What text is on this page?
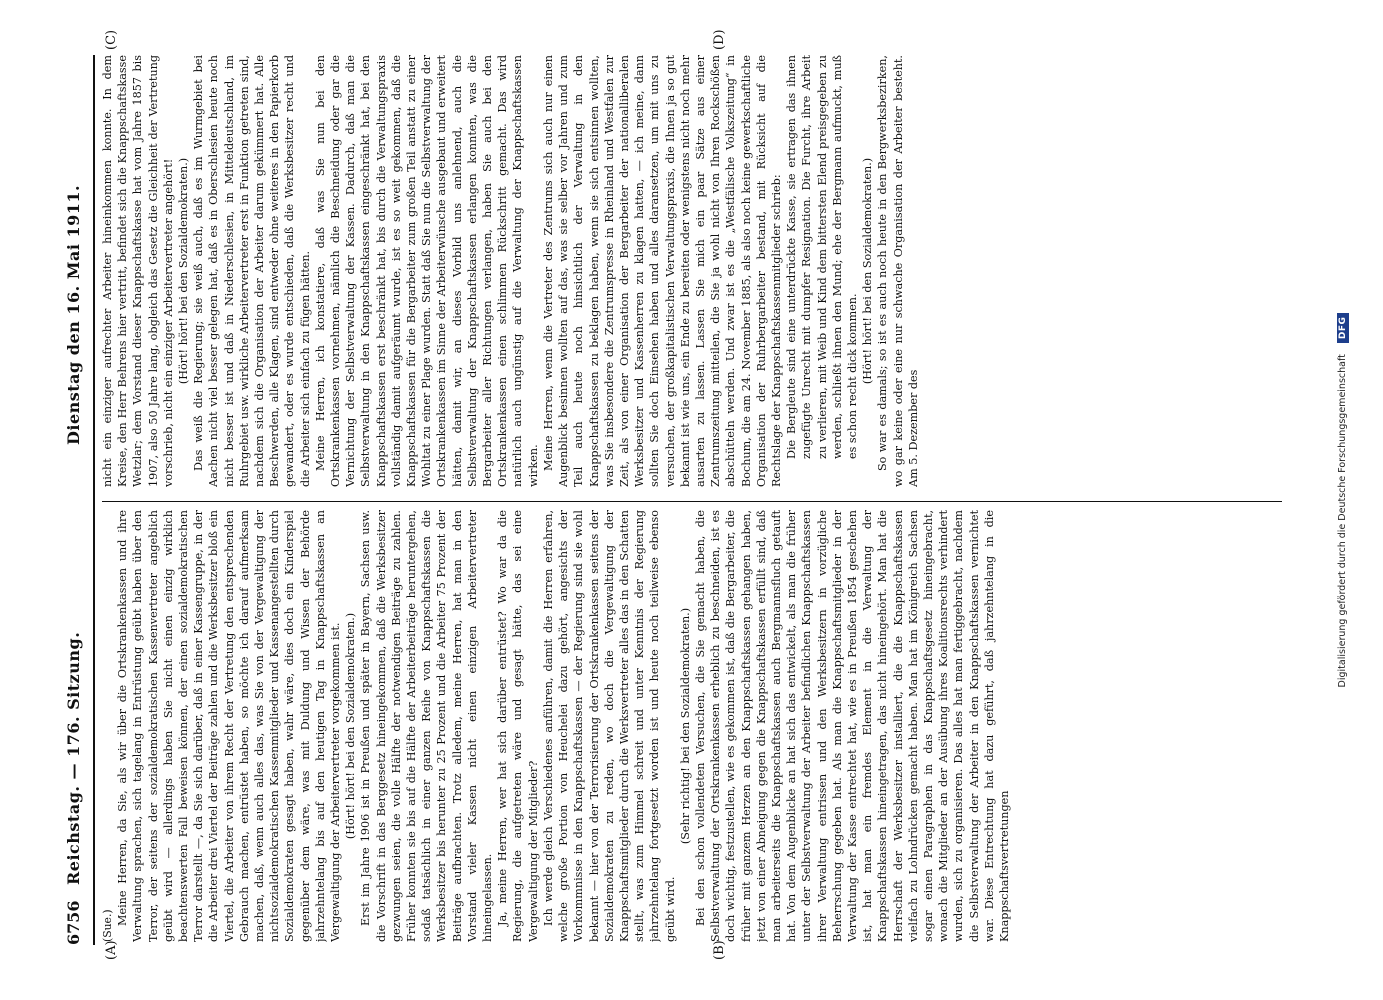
6756
Reichstag. — 176. Sitzung.
Dienstag den 16. Mai 1911.
(A)	(B)
(C)	(D)

(Sue.) Meine Herren, da Sie, als wir über die Ortskrankenkassen und ihre Verwaltung sprachen, sich tagelang in Entrüstung geübt haben über den Terror, der seitens der sozialdemokratischen Kassenvertreter angeblich geübt wird — allerdings haben Sie nicht einen einzig wirklich beachtenswerten Fall beweisen können, der einen sozialdemokratischen Terror darstellt —, da Sie sich darüber, daß in einer Kassengruppe, in der die Arbeiter drei Viertel der Beiträge zahlen und die Werksbesitzer bloß ein Viertel, die Arbeiter von ihrem Recht der Vertretung den entsprechenden Gebrauch machen, entrüstet haben, so möchte ich darauf aufmerksam machen, daß, wenn auch alles das, was Sie von der Vergewaltigung der nichtsozialdemokratischen Kassenmitglieder und Kassenangestellten durch Sozialdemokraten gesagt haben, wahr wäre, dies doch ein Kinderspiel gegenüber dem wäre, was mit Duldung und Wissen der Behörde jahrzehntelang bis auf den heutigen Tag in Knappschaftskassen an Vergewaltigung der Arbeitervertreter vorgekommen ist. (Hört! hört! bei den Sozialdemokraten.) Erst im Jahre 1906 ist in Preußen und später in Bayern, Sachsen usw. die Vorschrift in das Berggesetz hineingekommen, daß die Werksbesitzer gezwungen seien, die volle Hälfte der notwendigen Beiträge zu zahlen. Früher konnten sie bis auf die Hälfte der Arbeiterbeiträge heruntergehen, sodaß tatsächlich in einer ganzen Reihe von Knappschaftskassen die Werksbesitzer bis herunter zu 25 Prozent und die Arbeiter 75 Prozent der Beiträge aufbrachten. Trotz alledem, meine Herren, hat man in den Vorstand vieler Kassen nicht einen einzigen Arbeitervertreter hineingelassen. Ja, meine Herren, wer hat sich darüber entrüstet? Wo war da die Regierung, die aufgetreten wäre und gesagt hätte, das sei eine Vergewaltigung der Mitglieder? Ich werde gleich Verschiedenes anführen, damit die Herren erfahren, welche große Portion von Heuchelei dazu gehört, angesichts der Vorkommnisse in den Knappschaftskassen — der Regierung sind sie wohl bekannt — hier von der Terrorisierung der Ortskrankenkassen seitens der Sozialdemokraten zu reden, wo doch die Vergewaltigung der Knappschaftsmitglieder durch die Werksvertreter alles das in den Schatten stellt, was zum Himmel schreit und unter Kenntnis der Regierung jahrzehntelang fortgesetzt worden ist und heute noch teilweise ebenso geübt wird.

(Sehr richtig! bei den Sozialdemokraten.) Bei den schon vollendeten Versuchen, die Sie gemacht haben, die Selbstverwaltung der Ortskrankenkassen erheblich zu beschneiden, ist es doch wichtig, festzustellen, wie es gekommen ist, daß die Bergarbeiter, die früher mit ganzem Herzen an den Knappschaftskassen gehangen haben, jetzt von einer Abneigung gegen die Knappschaftskassen erfüllt sind, daß man arbeiterseits die Knappschaftskassen auch Bergmannsfluch getauft hat. Von dem Augenblicke an hat sich das entwickelt, als man die früher unter der Selbstverwaltung der Arbeiter befindlichen Knappschaftskassen ihrer Verwaltung entrissen und den Werksbesitzern in vorzügliche Beherrschung gegeben hat. Als man die Knappschaftsmitglieder in der Verwaltung der Kasse entrechtet hat, wie es in Preußen 1854 geschehen ist, hat man ein fremdes Element in die Verwaltung der Knappschaftskassen hineingetragen, das nicht hineingehört. Man hat die Herrschaft der Werksbesitzer installiert, die die Knappschaftskassen vielfach zu Lohndrücken gemacht haben. Man hat im Königreich Sachsen sogar einen Paragraphen in das Knappschaftsgesetz hineingebracht, wonach die Mitglieder an der Ausübung ihres Koalitionsrechts verhindert wurden, sich zu organisieren. Das alles hat man fertiggebracht, nachdem die Selbstverwaltung der Arbeiter in den Knappschaftskassen vernichtet war. Diese Entrechtung hat dazu geführt, daß jahrzehntelang in die Knappschaftsvertretungen

nicht ein einziger aufrechter Arbeiter hineinkommen konnte. In dem Kreise, den Herr Behrens hier vertritt, befindet sich die Knappschaftskasse Wetzlar; dem Vorstand dieser Knappschaftskasse hat vom Jahre 1857 bis 1907, also 50 Jahre lang, obgleich das Gesetz die Gleichheit der Vertretung vorschrieb, nicht ein einziger Arbeitervertreter angehört! (Hört! hört! bei den Sozialdemokraten.) Das weiß die Regierung; sie weiß auch, daß es im Wurmgebiet bei Aachen nicht viel besser gelegen hat, daß es in Oberschlesien heute noch nicht besser ist und daß in Niederschlesien, in Mitteldeutschland, im Ruhrgebiet usw. wirkliche Arbeitervertreter erst in Funktion getreten sind, nachdem sich die Organisation der Arbeiter darum gekümmert hat. Alle Beschwerden, alle Klagen, sind entweder ohne weiteres in den Papierkorb gewandert, oder es wurde entschieden, daß die Werksbesitzer recht und die Arbeiter sich einfach zu fügen hätten. Meine Herren, ich konstatiere, daß was Sie nun bei den Ortskrankenkassen vornehmen, nämlich die Beschneidung oder gar die Vernichtung der Selbstverwaltung der Kassen. Dadurch, daß man die Selbstverwaltung in den Knappschaftskassen eingeschränkt hat, bei den Knappschaftskassen erst beschränkt hat, bis durch die Verwaltungspraxis vollständig damit aufgeräumt wurde, ist es so weit gekommen, daß die Knappschaftskassen für die Bergarbeiter zum großen Teil anstatt zu einer Wohltat zu einer Plage wurden. Statt daß Sie nun die Selbstverwaltung der Ortskrankenkassen im Sinne der Arbeiterwünsche ausgebaut und erweitert hätten, damit wir, an dieses Vorbild uns anlehnend, auch die Selbstverwaltung der Knappschaftskassen erlangen konnten, was die Bergarbeiter aller Richtungen verlangen, haben Sie auch bei den Ortskrankenkassen einen schlimmen Rückschritt gemacht. Das wird natürlich auch ungünstig auf die Verwaltung der Knappschaftskassen wirken. Meine Herren, wenn die Vertreter des Zentrums sich auch nur einen Augenblick besinnen wollten auf das, was sie selber vor Jahren und zum Teil auch heute noch hinsichtlich der Verwaltung in den Knappschaftskassen zu beklagen haben, wenn sie sich entsinnen wollten, was Sie insbesondere die Zentrumspresse in Rheinland und Westfalen zur Zeit, als von einer Organisation der Bergarbeiter der nationalliberalen Werksbesitzer und Kassenherren zu klagen hatten, — ich meine, dann sollten Sie doch Einsehen haben und alles daransetzen, um mit uns zu versuchen, der großkapitalistischen Verwaltungspraxis, die Ihnen ja so gut bekannt ist wie uns, ein Ende zu bereiten oder wenigstens nicht noch mehr ausarten zu lassen. Lassen Sie mich ein paar Sätze aus einer Zentrumszeitung mitteilen, die Sie ja wohl nicht von Ihren Rockschößen abschütteln werden. Und zwar ist es die „Westfälische Volkszeitung“ in Bochum, die am 24. November 1885, als also noch keine gewerkschaftliche Organisation der Ruhrbergarbeiter bestand, mit Rücksicht auf die Rechtslage der Knappschaftskassenmitglieder schrieb: Die Bergleute sind eine unterdrückte Kasse, sie ertragen das ihnen zugefügte Unrecht mit dumpfer Resignation. Die Furcht, ihre Arbeit zu verlieren, mit Weib und Kind dem bittersten Elend preisgegeben zu werden, schließt ihnen den Mund; ehe der Bergmann aufmuckt, muß es schon recht dick kommen. (Hört! hört! bei den Sozialdemokraten.) So war es damals; so ist es auch noch heute in den Bergwerksbezirken, wo gar keine oder eine nur schwache Organisation der Arbeiter besteht. Am 5. Dezember des	Digitalisierung gefördert durch die Deutsche Forschungsgemeinschaft DFG
